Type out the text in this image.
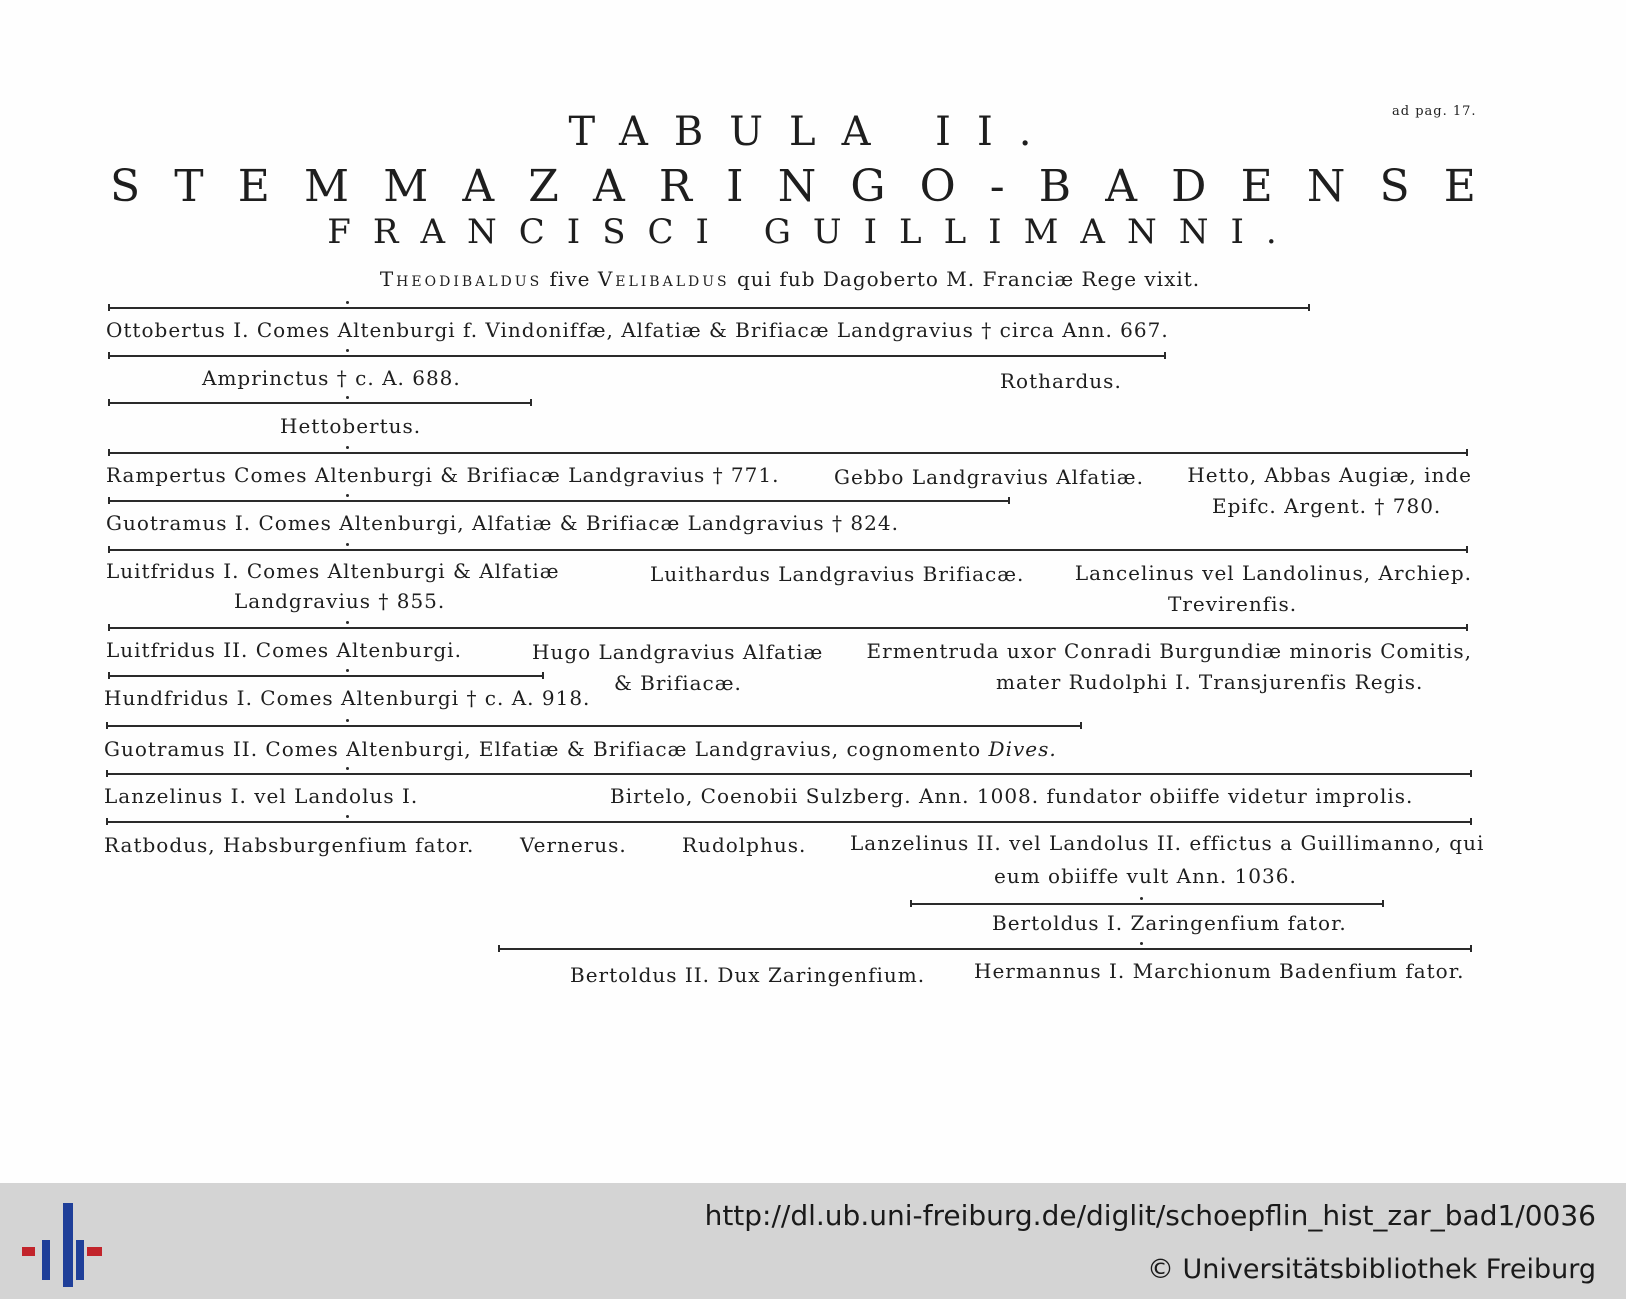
ad pag. 17.
TABULA II.
S T E M M A Z A R I N G O - B A D E N S E
FRANCISCI GUILLIMANNI.
Theodibaldus five Velibaldus qui fub Dagoberto M. Franciæ Rege vixit.
Ottobertus I. Comes Altenburgi f. Vindoniffæ, Alfatiæ & Brifiacæ Landgravius † circa Ann. 667.
Amprinctus † c. A. 688.	Rothardus.
Hettobertus.
Rampertus Comes Altenburgi & Brifiacæ Landgravius † 771.	Gebbo Landgravius Alfatiæ.	Hetto, Abbas Augiæ, inde
Epifc. Argent. † 780.
Guotramus I. Comes Altenburgi, Alfatiæ & Brifiacæ Landgravius † 824.
Luitfridus I. Comes Altenburgi & Alfatiæ
Landgravius † 855.
Luithardus Landgravius Brifiacæ.	Lancelinus vel Landolinus, Archiep.
Trevirenfis.
Luitfridus II. Comes Altenburgi.	Hugo Landgravius Alfatiæ
& Brifiacæ.
Ermentruda uxor Conradi Burgundiæ minoris Comitis,
mater Rudolphi I. Transjurenfis Regis.
Hundfridus I. Comes Altenburgi † c. A. 918.
Guotramus II. Comes Altenburgi, Elfatiæ & Brifiacæ Landgravius, cognomento Dives.
Lanzelinus I. vel Landolus I.	Birtelo, Coenobii Sulzberg. Ann. 1008. fundator obiiffe videtur improlis.
Ratbodus, Habsburgenfium fator. Vernerus.	Rudolphus. Lanzelinus II. vel Landolus II. effictus a Guillimanno, qui
eum obiiffe vult Ann. 1036.
Bertoldus I. Zaringenfium fator.
Bertoldus II. Dux Zaringenfium. Hermannus I. Marchionum Badenfium fator.
http://dl.ub.uni-freiburg.de/diglit/schoepflin_hist_zar_bad1/0036
© Universitätsbibliothek Freiburg
